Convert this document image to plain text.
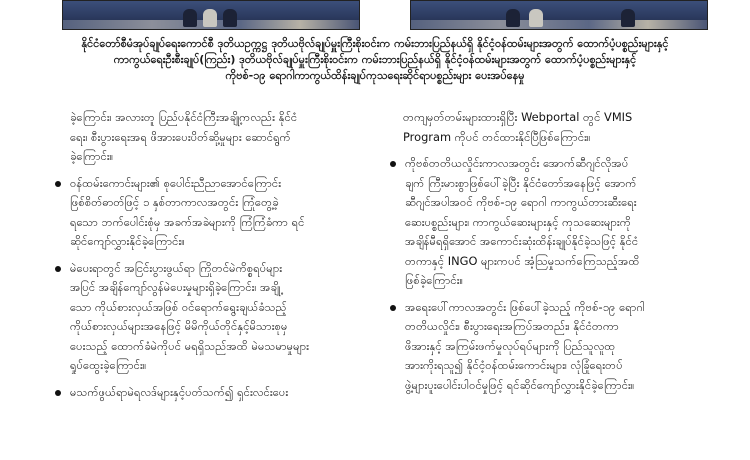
နိုင်ငံတော်စီမံအုပ်ချုပ်ရေးကောင်စီ ဒုတိယဥက္ကဋ္ဌ ဒုတိယဗိုလ်ချုပ်မှူးကြီးစိုးဝင်းက ကမ်းဘားပြည်နယ်ရှိ နိုင်ငံ့ဝန်ထမ်းများအတွက် ထောက်ပံ့ပစ္စည်းများနှင့်
ကာကွယ်ရေးဦးစီးချုပ်(ကြည်း) ဒုတိယဗိုလ်ချုပ်မှူးကြီးစိုးဝင်းက ကမ်းဘားပြည်နယ်ရှိ နိုင်ငံ့ဝန်ထမ်းများအတွက် ထောက်ပံ့ပစ္စည်းများနှင့်
ကိုဗစ်-၁၉ ရောဂါကာကွယ်ထိန်းချုပ်ကုသရေးဆိုင်ရာပစ္စည်းများ ပေးအပ်နေမှု
ခဲ့ကြောင်း၊ အလားတူ ပြည်ပနိုင်ငံကြီးအချို့ကလည်း နိုင်ငံ
ရေး၊ စီးပွားရေးအရ ဖိအားပေးပိတ်ဆို့မှုများ ဆောင်ရွက်
ခဲ့ကြောင်း။
ဝန်ထမ်းကောင်းများ၏ စုပေါင်းညီညာအောင်ကြောင်း
ဖြစ်စိတ်ဓာတ်ဖြင့် ၁ နှစ်တာကာလအတွင်း ကြုံတွေ့ခဲ့
ရသော ဘက်ပေါင်းစုံမှ အခက်အခဲများကို ကြံကြံခံကာ ရင်
ဆိုင်ကျော်လွှားနိုင်ခဲ့ကြောင်း။
မဲပေးရာတွင် အငြင်းပွားဖွယ်ရာ ကြိုတင်မဲကိစ္စရပ်များ
အပြင် အချိန်ကျော်လွန်မဲပေးမှုများရှိခဲ့ကြောင်း၊ အချို့
သော ကိုယ်စားလှယ်အဖြစ် ဝင်ရောက်ရွေးချယ်ခံသည့်
ကိုယ်စားလှယ်များအနေဖြင့် မိမိကိုယ်တိုင်နှင့်မိသားစုမှ
ပေးသည့် ထောက်ခံမဲကိုပင် မရရှိသည်အထိ မဲမသမာမှုများ
ရှုပ်ထွေးခဲ့ကြောင်း။
မသက်ဖွယ်ရာမဲရလဒ်များနှင့်ပတ်သက်၍ ရှင်းလင်းပေး
တကျမှတ်တမ်းများထားရှိပြီး Webportal တွင် VMIS
Program ကိုပင် တင်ထားနိုင်ပြီဖြစ်ကြောင်း။
ကိုဗစ်တတိယလှိုင်းကာလအတွင်း အောက်ဆီဂျင်လိုအပ်
ချက် ကြီးမားစွာဖြစ်ပေါ်ခဲ့ပြီး နိုင်ငံတော်အနေဖြင့် အောက်
ဆီဂျင်အပါအဝင် ကိုဗစ်-၁၉ ရောဂါ ကာကွယ်တားဆီးရေး
ဆေးပစ္စည်းများ၊ ကာကွယ်ဆေးများနှင့် ကုသဆေးများကို
အချိန်မီရရှိအောင် အကောင်းဆုံးထိန်းချုပ်နိုင်ခဲ့သဖြင့် နိုင်ငံ
တကာနှင့် INGO များကပင် အံ့သြမှုသက်ကြေသည့်အထိ
ဖြစ်ခဲ့ကြောင်း။
အရေးပေါ်ကာလအတွင်း ဖြစ်ပေါ်ခဲ့သည့် ကိုဗစ်-၁၉ ရောဂါ
တတိယလှိုင်း၊ စီးပွားရေးအကြပ်အတည်း၊ နိုင်ငံတကာ
ဖိအားနှင့် အကြမ်းဖက်မှုလုပ်ရပ်များကို ပြည်သူလူထု
အားကိုးရသူ၍ နိုင်ငံ့ဝန်ထမ်းကောင်းများ၊ လုံခြုံရေးတပ်
ဖွဲ့များပူးပေါင်းပါဝင်မှုဖြင့် ရင်ဆိုင်ကျော်လွှားနိုင်ခဲ့ကြောင်း။
